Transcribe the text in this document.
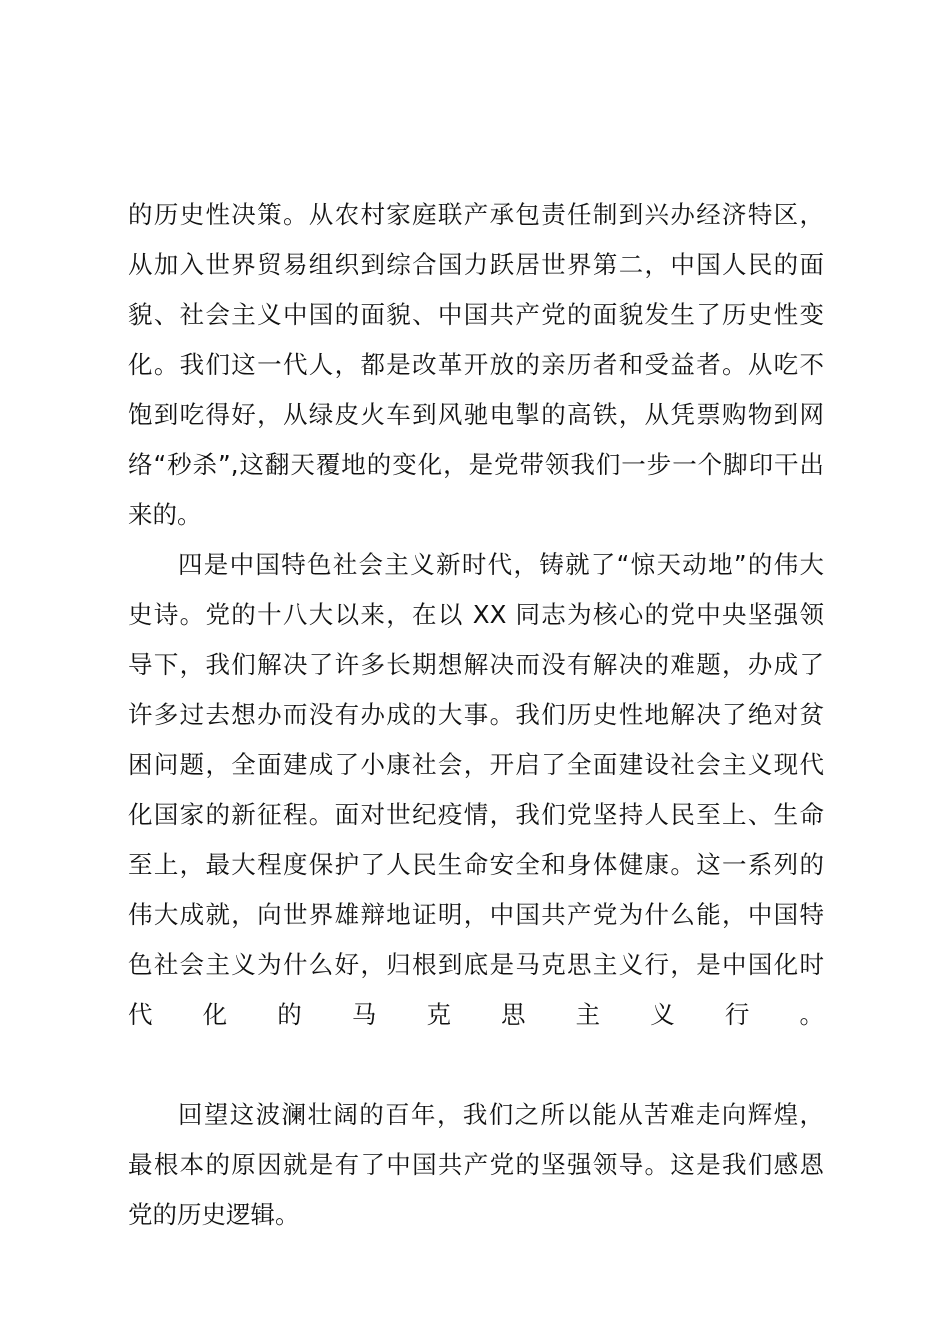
的历史性决策。从农村家庭联产承包责任制到兴办经济特区，
从加入世界贸易组织到综合国力跃居世界第二，中国人民的面
貌、社会主义中国的面貌、中国共产党的面貌发生了历史性变
化。我们这一代人，都是改革开放的亲历者和受益者。从吃不
饱到吃得好，从绿皮火车到风驰电掣的高铁，从凭票购物到网
络“秒杀”,这翻天覆地的变化，是党带领我们一步一个脚印干出
来的。
四是中国特色社会主义新时代，铸就了“惊天动地”的伟大
史诗。党的十八大以来，在以 XX 同志为核心的党中央坚强领
导下，我们解决了许多长期想解决而没有解决的难题，办成了
许多过去想办而没有办成的大事。我们历史性地解决了绝对贫
困问题，全面建成了小康社会，开启了全面建设社会主义现代
化国家的新征程。面对世纪疫情，我们党坚持人民至上、生命
至上，最大程度保护了人民生命安全和身体健康。这一系列的
伟大成就，向世界雄辩地证明，中国共产党为什么能，中国特
色社会主义为什么好，归根到底是马克思主义行，是中国化时
代化的马克思主义行。
回望这波澜壮阔的百年，我们之所以能从苦难走向辉煌，
最根本的原因就是有了中国共产党的坚强领导。这是我们感恩
党的历史逻辑。
